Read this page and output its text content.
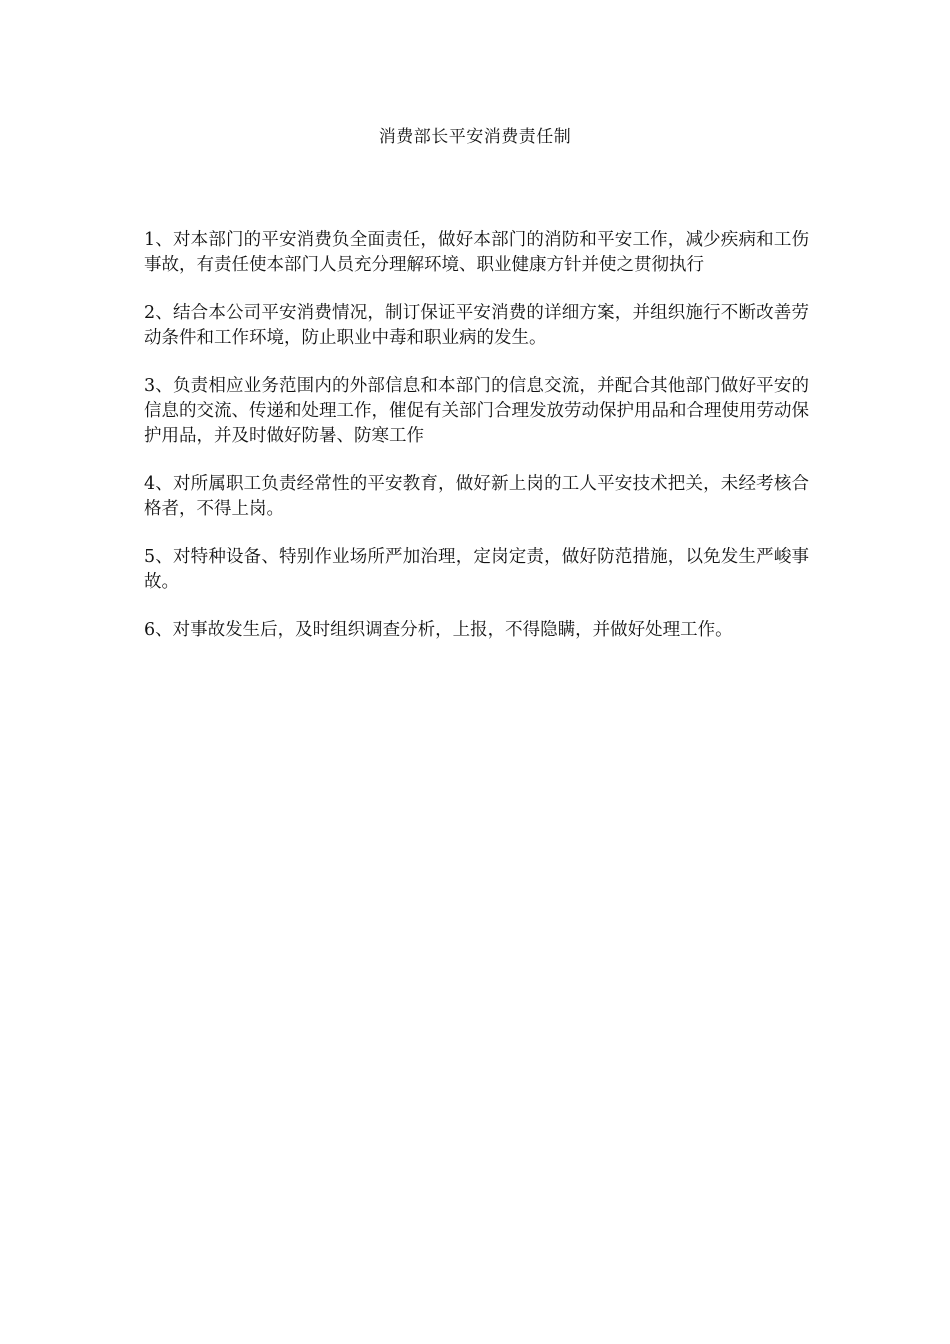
消费部长平安消费责任制

1、对本部门的平安消费负全面责任，做好本部门的消防和平安工作，减少疾病和工伤事故，有责任使本部门人员充分理解环境、职业健康方针并使之贯彻执行

2、结合本公司平安消费情况，制订保证平安消费的详细方案，并组织施行不断改善劳动条件和工作环境，防止职业中毒和职业病的发生。

3、负责相应业务范围内的外部信息和本部门的信息交流，并配合其他部门做好平安的信息的交流、传递和处理工作，催促有关部门合理发放劳动保护用品和合理使用劳动保护用品，并及时做好防暑、防寒工作

4、对所属职工负责经常性的平安教育，做好新上岗的工人平安技术把关，未经考核合格者，不得上岗。

5、对特种设备、特别作业场所严加治理，定岗定责，做好防范措施，以免发生严峻事故。

6、对事故发生后，及时组织调查分析，上报，不得隐瞒，并做好处理工作。
